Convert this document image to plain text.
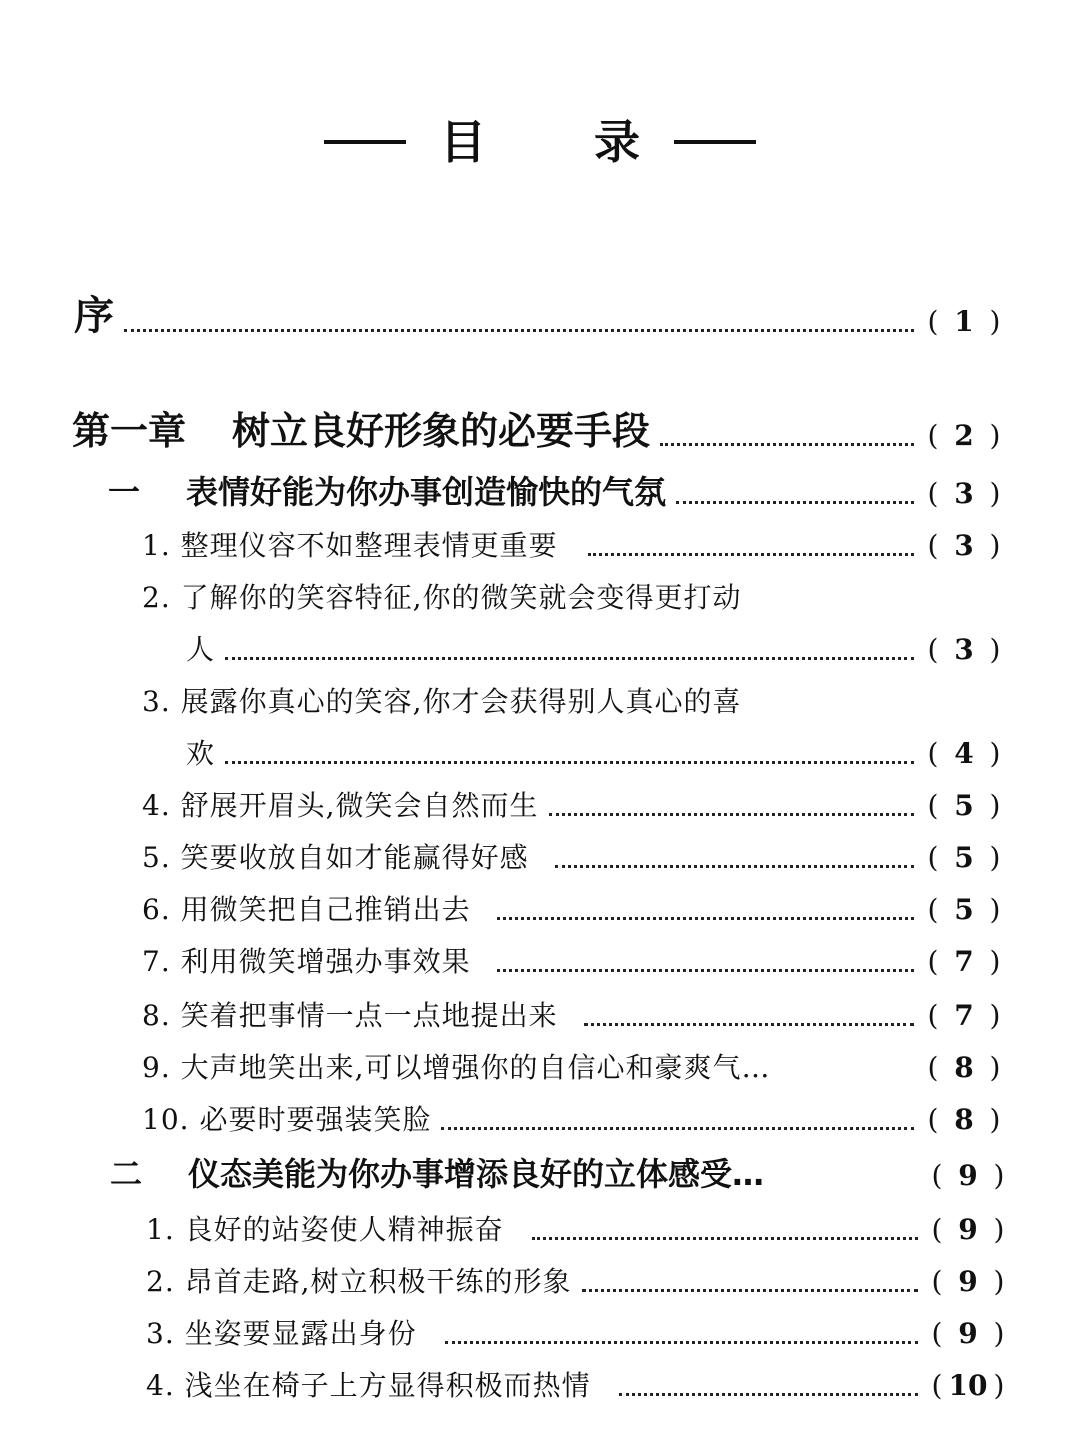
目 录
序	( 1 )
第一章 树立良好形象的必要手段	( 2 )
一 表情好能为你办事创造愉快的气氛	( 3 )
1. 整理仪容不如整理表情更重要	( 3 )
2. 了解你的笑容特征,你的微笑就会变得更打动
人	( 3 )
3. 展露你真心的笑容,你才会获得别人真心的喜
欢	( 4 )
4. 舒展开眉头,微笑会自然而生	( 5 )
5. 笑要收放自如才能赢得好感	( 5 )
6. 用微笑把自己推销出去	( 5 )
7. 利用微笑增强办事效果	( 7 )
8. 笑着把事情一点一点地提出来	( 7 )
9. 大声地笑出来,可以增强你的自信心和豪爽气…	( 8 )
10. 必要时要强装笑脸	( 8 )
二 仪态美能为你办事增添良好的立体感受…	( 9 )
1. 良好的站姿使人精神振奋	( 9 )
2. 昂首走路,树立积极干练的形象	( 9 )
3. 坐姿要显露出身份	( 9 )
4. 浅坐在椅子上方显得积极而热情	( 10 )
